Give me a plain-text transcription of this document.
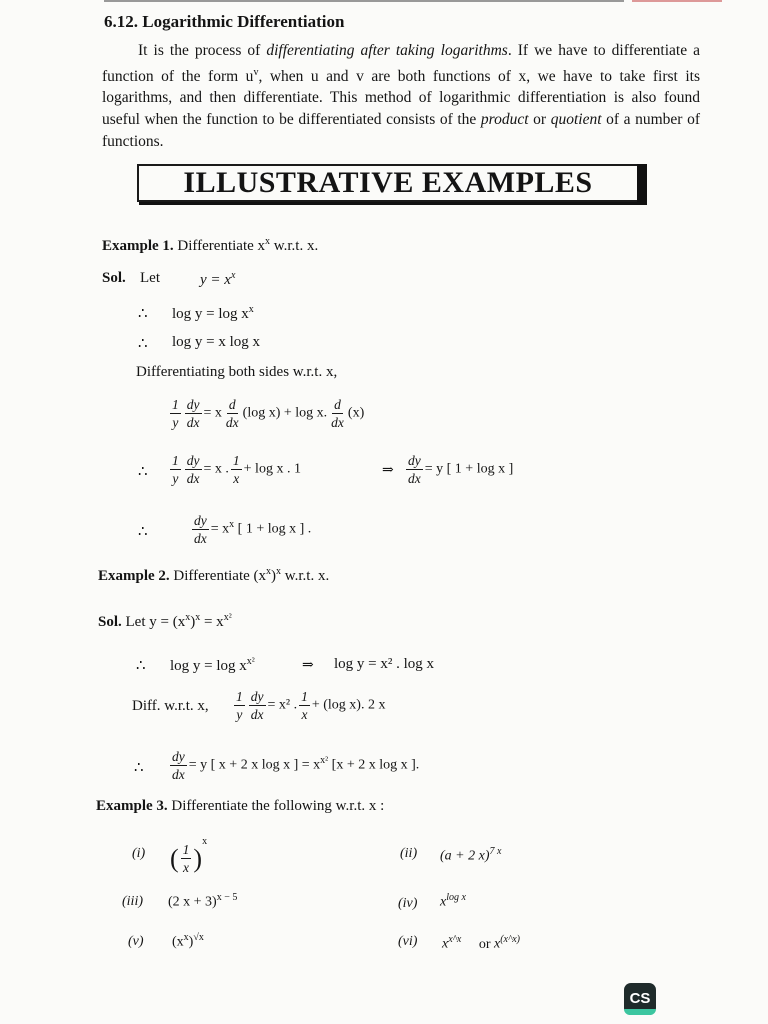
6.12. Logarithmic Differentiation

It is the process of differentiating after taking logarithms. If we have to differentiate a function of the form $u^v$, when u and v are both functions of x, we have to take first its logarithms, and then differentiate. This method of logarithmic differentiation is also found useful when the function to be differentiated consists of the product or quotient of a number of functions.

ILLUSTRATIVE EXAMPLES
Example 1. Differentiate $x^x$ w.r.t. x.
Sol. Let	$y = x^x$
∴ $\log y = \log x^x$
∴ log y = x log x
Differentiating both sides w.r.t. x,
$\frac{1}{y} \frac{dy}{dx} = x \frac{d}{dx} (\log$ x) + log x. $\frac{d}{dx} (x)$
∴ $\frac{1}{y} \frac{dy}{dx} = x$ . $\frac{1}{x} + \log x$ . 1	⇒ $\frac{dy}{dx} = y$ [ 1 + log x ]
∴	$\frac{dy}{dx} = x^x$ [ 1 + log x ] .
Example 2. Differentiate $(x^x)^x$ w.r.t. x.
Sol. Let $y = (x^x)^x = x^{x^2}$
∴ $\log y = \log x^{x^2}$	⇒ log y = x² . log x
Diff. w.r.t. x, $\frac{1}{y} \frac{dy}{dx} = x^2$ . $\frac{1}{x} + (\log$ x). 2 x
∴ $\frac{dy}{dx} = y$ [ x + 2 x log x ] = $x^{x^2}$ [x + 2 x log x ].
Example 3. Differentiate the following w.r.t. x :
(i) ( $\frac{1}{x} )^x$
(ii) (a + 2 x)$^{7 x}$
(iii) (2 x + 3)$^{x - 5}$	(iv) $x^{log x}$
(v) $(x^x)^{√x}$	(vi) $x^{x\^{}x}$ or $x^{(x\^{}x)}$
CS
